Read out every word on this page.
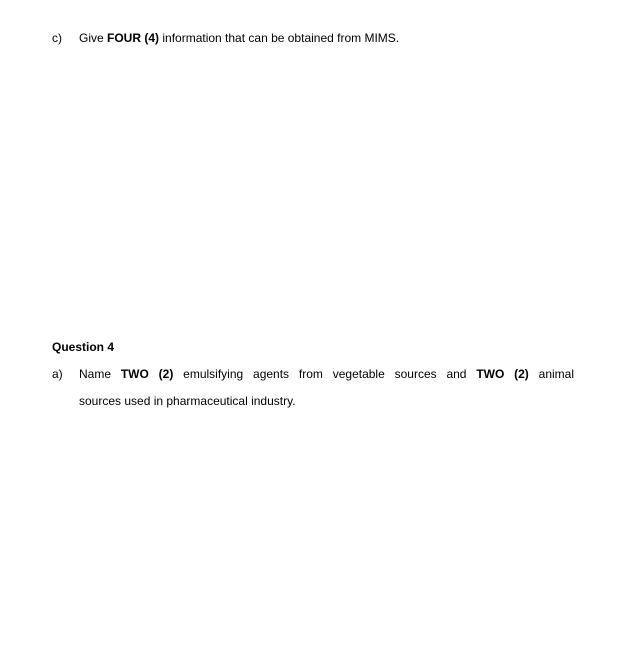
c) Give FOUR (4) information that can be obtained from MIMS.
Question 4
a) Name TWO (2) emulsifying agents from vegetable sources and TWO (2) animal
sources used in pharmaceutical industry.
